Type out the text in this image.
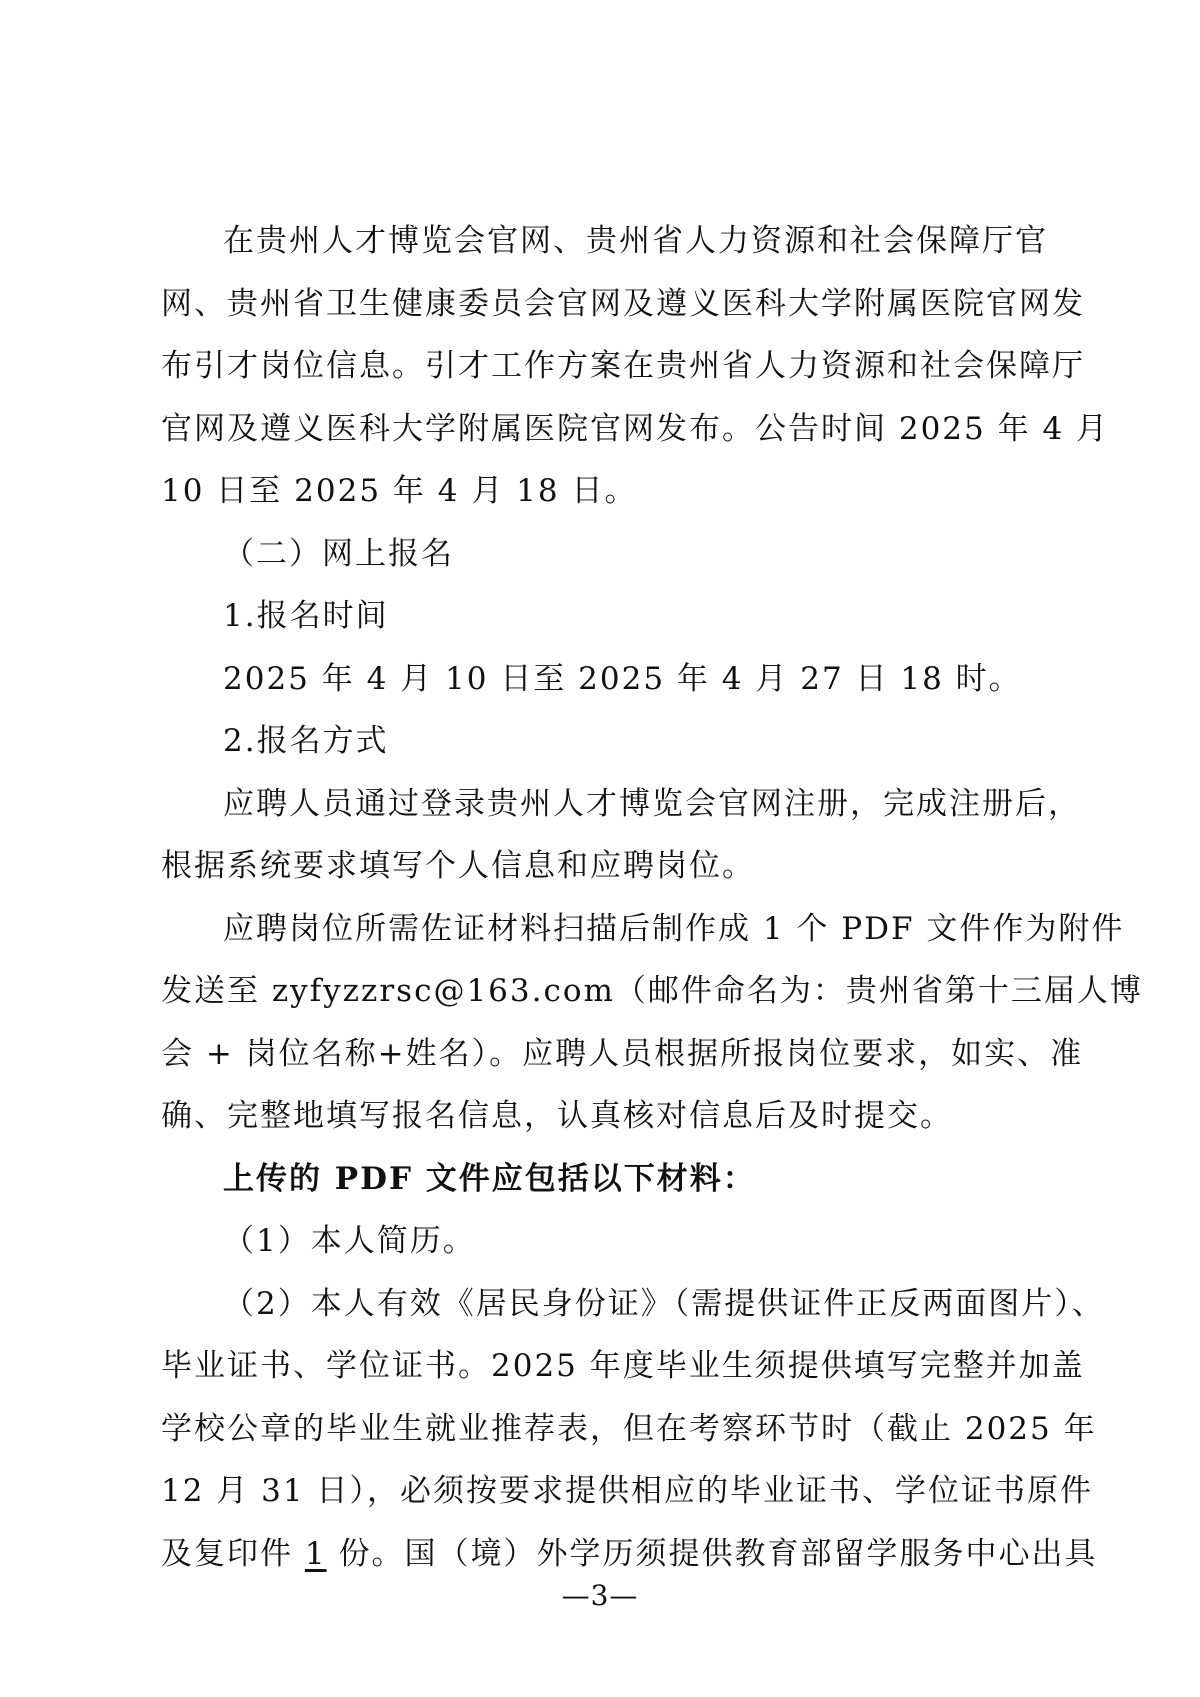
在贵州人才博览会官网、贵州省人力资源和社会保障厅官
网、贵州省卫生健康委员会官网及遵义医科大学附属医院官网发
布引才岗位信息。引才工作方案在贵州省人力资源和社会保障厅
官网及遵义医科大学附属医院官网发布。公告时间 2025 年 4 月
10 日至 2025 年 4 月 18 日。
（二）网上报名
1.报名时间
2025 年 4 月 10 日至 2025 年 4 月 27 日 18 时。
2.报名方式
应聘人员通过登录贵州人才博览会官网注册，完成注册后，
根据系统要求填写个人信息和应聘岗位。
应聘岗位所需佐证材料扫描后制作成 1 个 PDF 文件作为附件
发送至 zyfyzzrsc@163.com（邮件命名为：贵州省第十三届人博
会 + 岗位名称+姓名）。应聘人员根据所报岗位要求，如实、准
确、完整地填写报名信息，认真核对信息后及时提交。
上传的 PDF 文件应包括以下材料：
（1）本人简历。
（2）本人有效《居民身份证》（需提供证件正反两面图片）、
毕业证书、学位证书。2025 年度毕业生须提供填写完整并加盖
学校公章的毕业生就业推荐表，但在考察环节时（截止 2025 年
12 月 31 日），必须按要求提供相应的毕业证书、学位证书原件
及复印件 1 份。国（境）外学历须提供教育部留学服务中心出具
—3—
